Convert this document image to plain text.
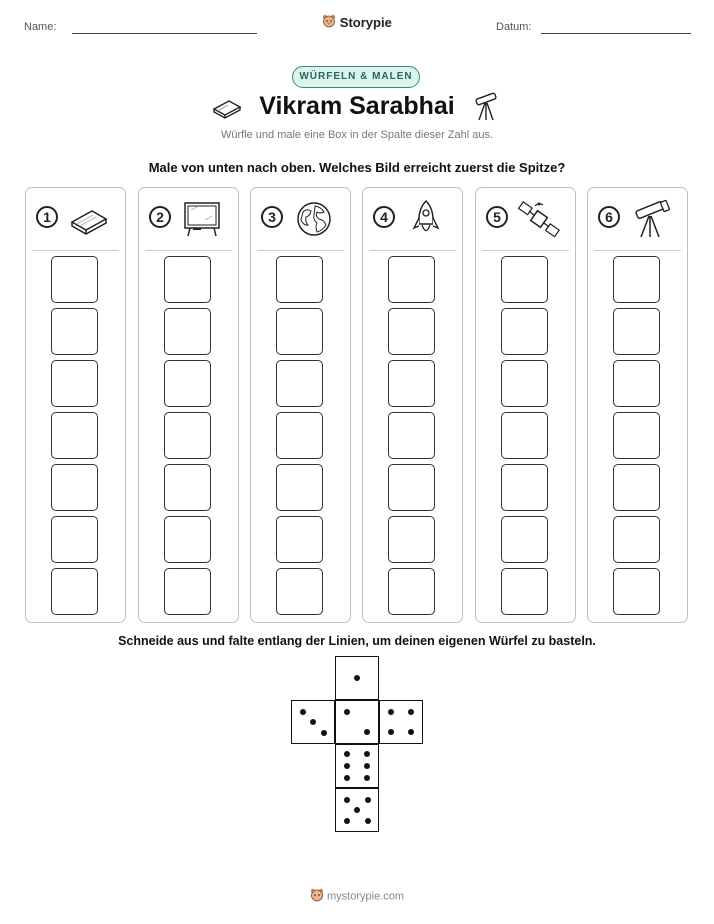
Name:	Storypie	Datum:
WÜRFELN & MALEN
Vikram Sarabhai
Würfle und male eine Box in der Spalte dieser Zahl aus.
Male von unten nach oben. Welches Bild erreicht zuerst die Spitze?
1	2	3	4	5	6
Schneide aus und falte entlang der Linien, um deinen eigenen Würfel zu basteln.
mystorypie.com
